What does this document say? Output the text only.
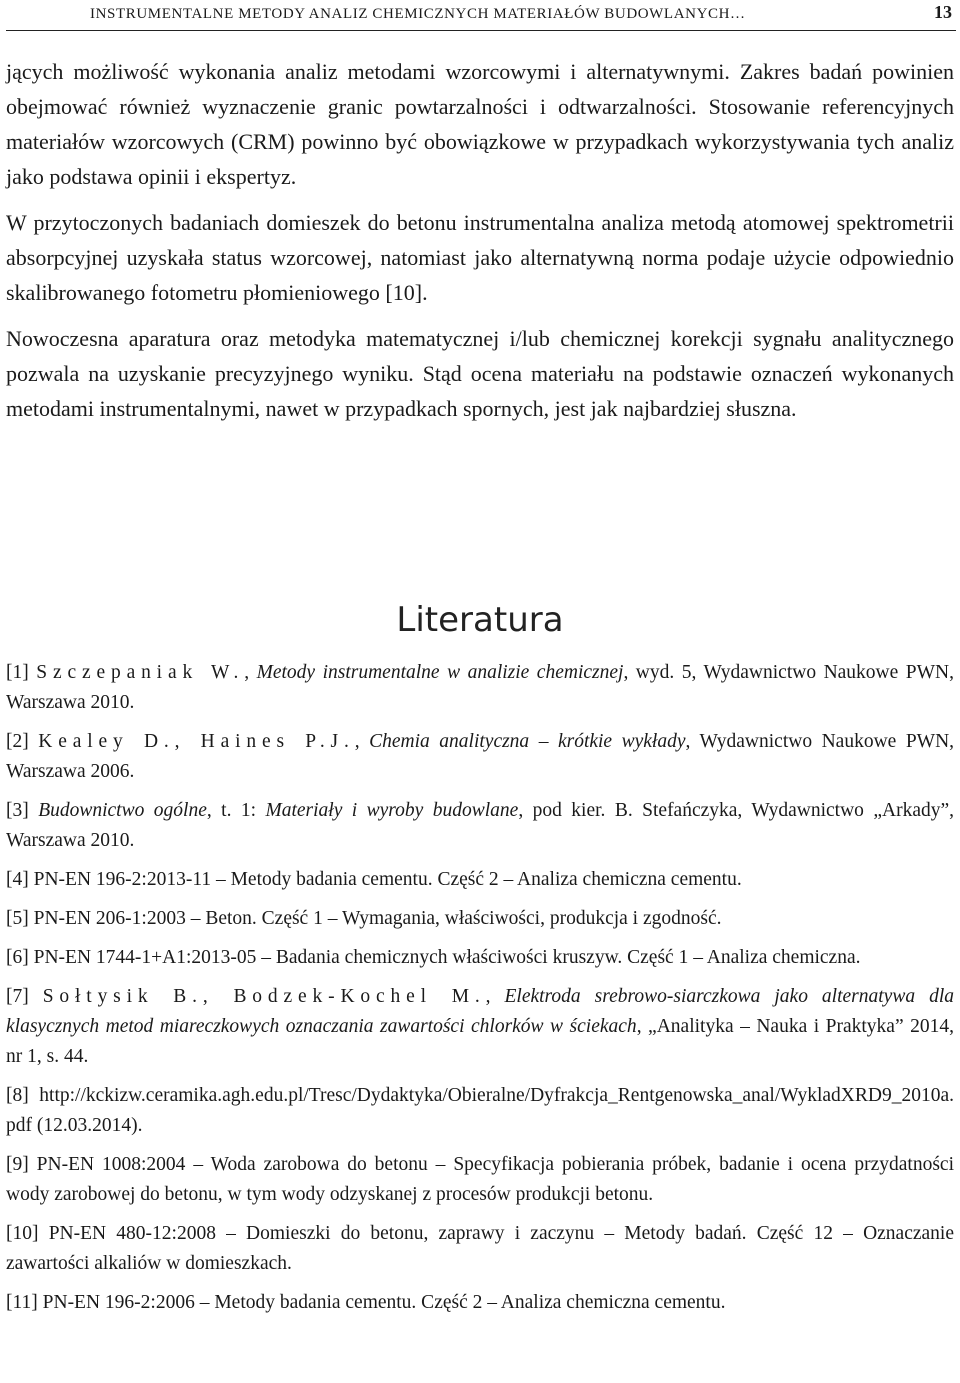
INSTRUMENTALNE METODY ANALIZ CHEMICZNYCH MATERIAŁÓW BUDOWLANYCH…	13

jących możliwość wykonania analiz metodami wzorcowymi i alternatywnymi. Zakres badań powinien obejmować również wyznaczenie granic powtarzalności i odtwarzalności. Stosowanie referencyjnych materiałów wzorcowych (CRM) powinno być obowiązkowe w przypadkach wykorzystywania tych analiz jako podstawa opinii i ekspertyz.

W przytoczonych badaniach domieszek do betonu instrumentalna analiza metodą atomowej spektrometrii absorpcyjnej uzyskała status wzorcowej, natomiast jako alternatywną norma podaje użycie odpowiednio skalibrowanego fotometru płomieniowego [10].

Nowoczesna aparatura oraz metodyka matematycznej i/lub chemicznej korekcji sygnału analitycznego pozwala na uzyskanie precyzyjnego wyniku. Stąd ocena materiału na podstawie oznaczeń wykonanych metodami instrumentalnymi, nawet w przypadkach spornych, jest jak najbardziej słuszna.

Literatura

[1] Szczepaniak W., Metody instrumentalne w analizie chemicznej, wyd. 5, Wydawnictwo Naukowe PWN, Warszawa 2010.

[2] Kealey D., Haines P.J., Chemia analityczna – krótkie wykłady, Wydawnictwo Naukowe PWN, Warszawa 2006.

[3] Budownictwo ogólne, t. 1: Materiały i wyroby budowlane, pod kier. B. Stefańczyka, Wydawnictwo „Arkady”, Warszawa 2010.

[4] PN-EN 196-2:2013-11 – Metody badania cementu. Część 2 – Analiza chemiczna cementu.

[5] PN-EN 206-1:2003 – Beton. Część 1 – Wymagania, właściwości, produkcja i zgodność.

[6] PN-EN 1744-1+A1:2013-05 – Badania chemicznych właściwości kruszyw. Część 1 – Analiza chemiczna.

[7] Sołtysik B., Bodzek-Kochel M., Elektroda srebrowo-siarczkowa jako alternatywa dla klasycznych metod miareczkowych oznaczania zawartości chlorków w ściekach, „Analityka – Nauka i Praktyka” 2014, nr 1, s. 44.

[8] http://kckizw.ceramika.agh.edu.pl/Tresc/Dydaktyka/Obieralne/Dyfrakcja_Rentgenowska_anal/WykladXRD9_2010a.pdf (12.03.2014).

[9] PN-EN 1008:2004 – Woda zarobowa do betonu – Specyfikacja pobierania próbek, badanie i ocena przydatności wody zarobowej do betonu, w tym wody odzyskanej z procesów produkcji betonu.

[10] PN-EN 480-12:2008 – Domieszki do betonu, zaprawy i zaczynu – Metody badań. Część 12 – Oznaczanie zawartości alkaliów w domieszkach.

[11] PN-EN 196-2:2006 – Metody badania cementu. Część 2 – Analiza chemiczna cementu.
